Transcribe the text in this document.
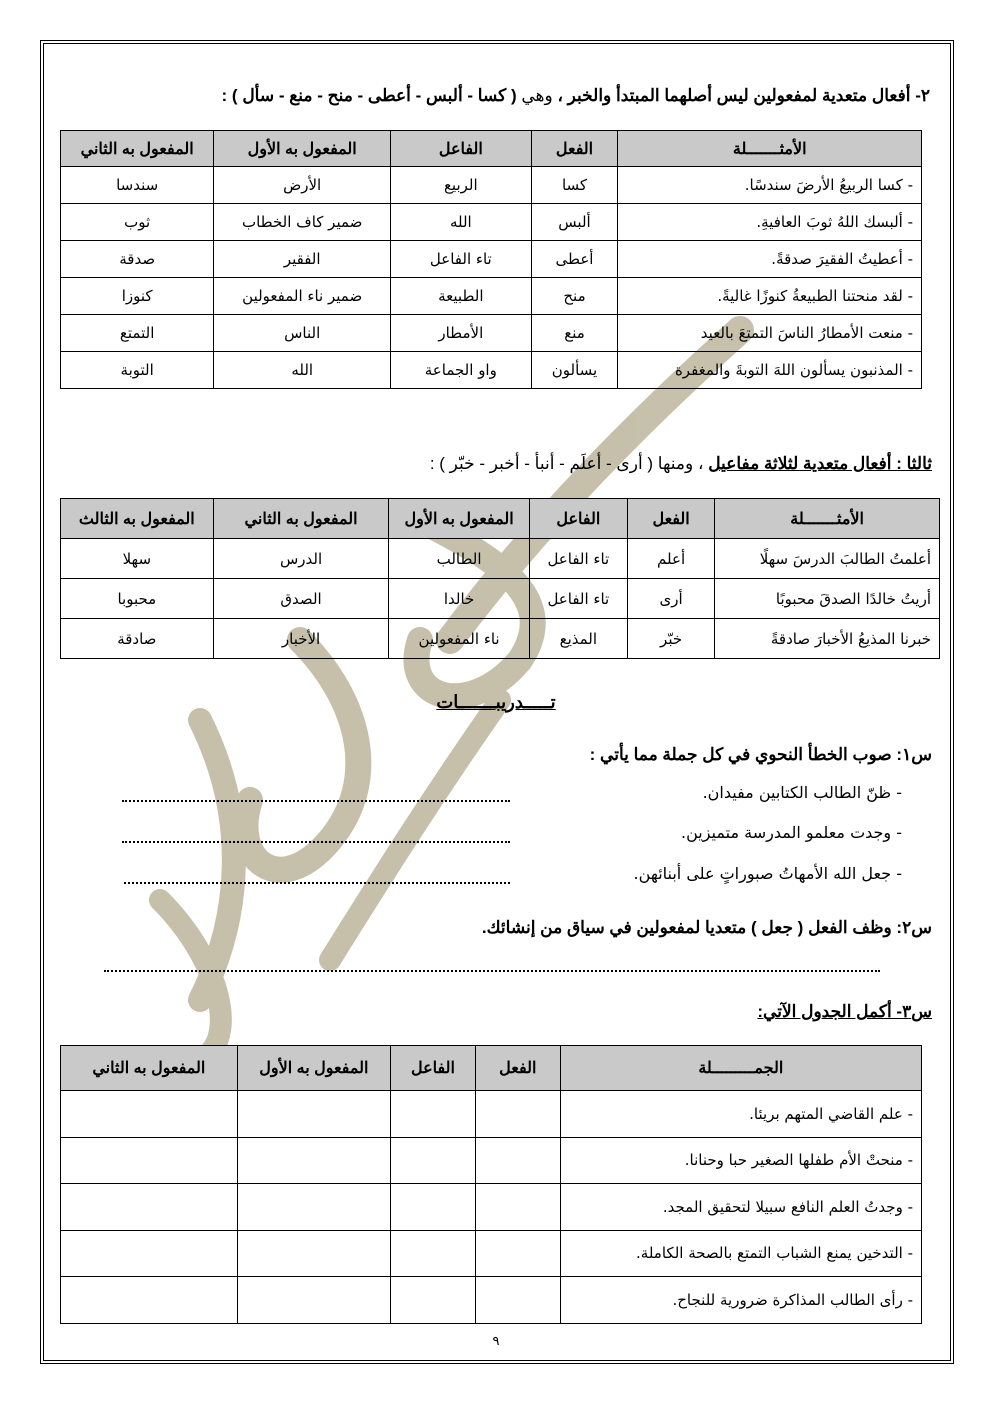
٢- أفعال متعدية لمفعولين ليس أصلهما المبتدأ والخبر ، وهي ( كسا - ألبس - أعطى - منح - منع - سأل ) :
الأمثـــــــلة	الفعل	الفاعل	المفعول به الأول	المفعول به الثاني
- كسا الربيعُ الأرضَ سندسًا.	كسا	الربيع	الأرض	سندسا
- ألبسك اللهُ ثوبَ العافيةِ.	ألبس	الله	ضمير كاف الخطاب	ثوب
- أعطيتُ الفقيرَ صدقةً.	أعطى	تاء الفاعل	الفقير	صدقة
- لقد منحتنا الطبيعةُ كنوزًا غاليةً.	منح	الطبيعة	ضمير ناء المفعولين	كنوزا
- منعت الأمطارُ الناسَ التمتعَ بالعيد	منع	الأمطار	الناس	التمتع
- المذنبون يسألون اللهَ التوبةَ والمغفرة	يسألون	واو الجماعة	الله	التوبة
ثالثا : أفعال متعدية لثلاثة مفاعيل ، ومنها ( أرى - أعلَم - أنبأ - أخبر - خبّر ) :
الأمثـــــــلة	الفعل	الفاعل	المفعول به الأول	المفعول به الثاني	المفعول به الثالث
أعلمتُ الطالبَ الدرسَ سهلًا	أعلم	تاء الفاعل	الطالب	الدرس	سهلا
أريتُ خالدًا الصدقَ محبوبًا	أرى	تاء الفاعل	خالدا	الصدق	محبوبا
خبرنا المذيعُ الأخبارَ صادقةً	خبّر	المذيع	ناء المفعولين	الأخبار	صادقة
تـــــدريبـــــــات
س١: صوب الخطأ النحوي في كل جملة مما يأتي :
- ظنّ الطالب الكتابين مفيدان.
- وجدت معلمو المدرسة متميزين.
- جعل الله الأمهاتُ صبوراتٍ على أبنائهن.
س٢: وظف الفعل ( جعل ) متعديا لمفعولين في سياق من إنشائك.
س٣- أكمل الجدول الآتي:
الجمـــــــــلة	الفعل	الفاعل	المفعول به الأول	المفعول به الثاني
- علم القاضي المتهم بريئا.				
- منحتْ الأم طفلها الصغير حبا وحنانا.				
- وجدتُ العلم النافع سبيلا لتحقيق المجد.				
- التدخين يمنع الشباب التمتع بالصحة الكاملة.				
- رأى الطالب المذاكرة ضرورية للنجاح.				
٩
